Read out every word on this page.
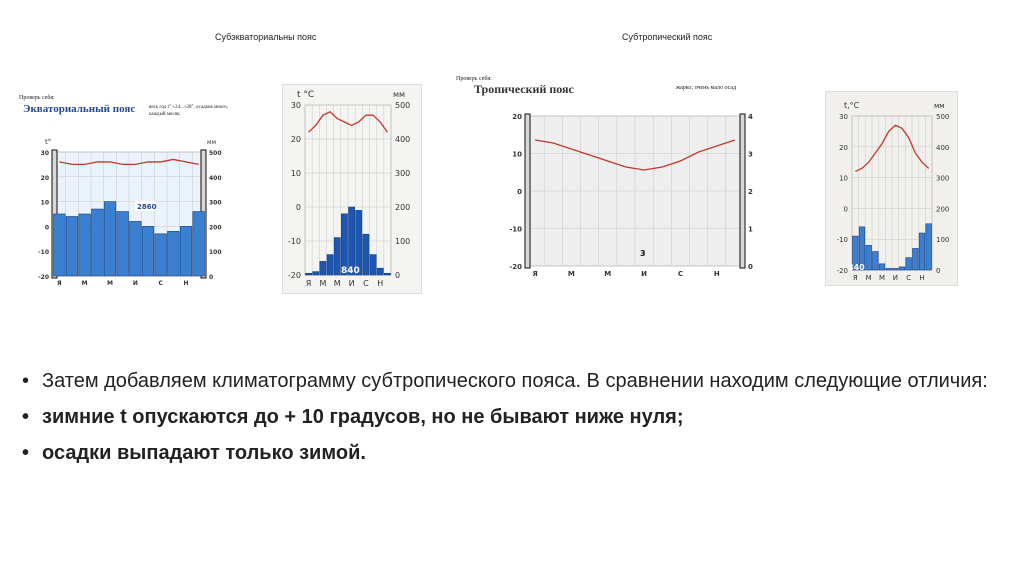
Субэкваториальны пояс	Субтропический пояс
Проверь себя:
Экваториальный пояс	весь год t° +24...+28°, осадков много, каждый месяц
30	500
20	400
10	300
0	200
-10	100
-20	0
t°	мм
2860
Я	М	М	И	С	Н
30	500
20	400
10	300
0	200
-10	100
-20	0
t °C	мм
840
Я М М И С Н
Проверь себя:
Тропический пояс	жарко; очень мало осад
20	4
10	3
0	2
-10	1
-20	0
3
Я	М	М	И	С	Н
30	500
20	400
10	300
0	200
-10	100
-20	0
t,°C	мм
840
Я М М И С Н
• Затем добавляем климатограмму субтропического пояса. В сравнении находим следующие отличия:
• зимние t опускаются до + 10 градусов, но не бывают ниже нуля;
• осадки выпадают только зимой.
